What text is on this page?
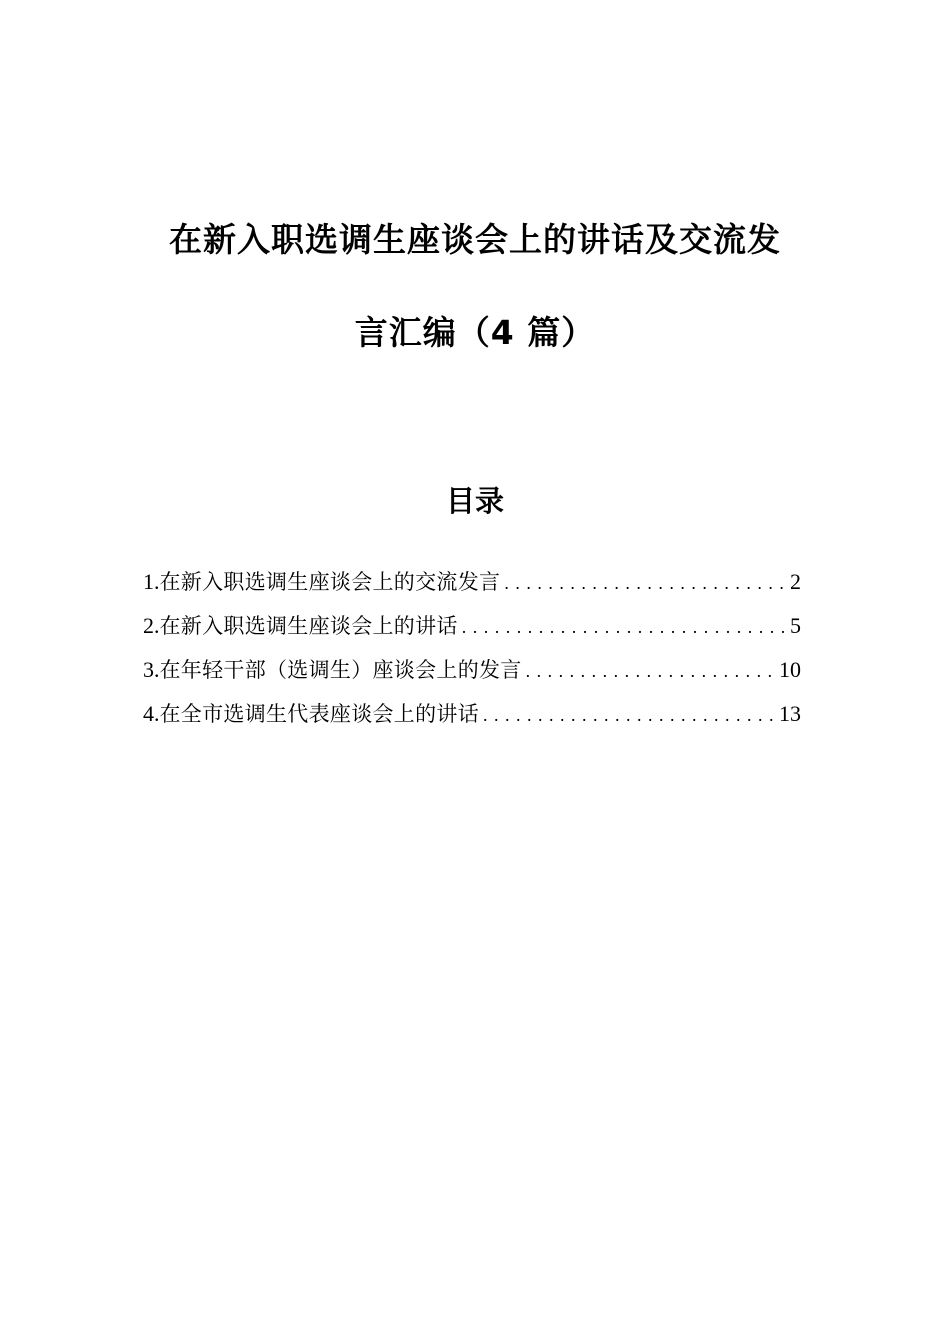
在新入职选调生座谈会上的讲话及交流发
言汇编（4 篇）
目录
1. 在新入职选调生座谈会上的交流发言 . . .	2
2. 在新入职选调生座谈会上的讲话 . . .	5
3. 在年轻干部（选调生）座谈会上的发言 . . .	10
4. 在全市选调生代表座谈会上的讲话 . . .	13
